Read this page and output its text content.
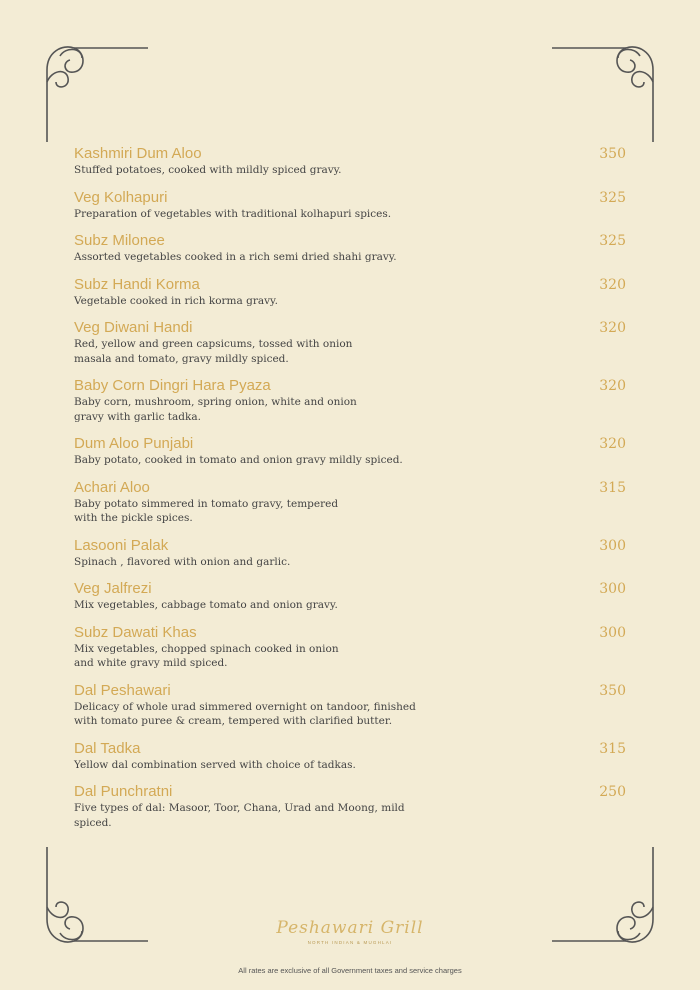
Kashmiri Dum Aloo	350
Stuffed potatoes, cooked with mildly spiced gravy.
Veg Kolhapuri	325
Preparation of vegetables with traditional kolhapuri spices.
Subz Milonee	325
Assorted vegetables cooked in a rich semi dried shahi gravy.
Subz Handi Korma	320
Vegetable cooked in rich korma gravy.
Veg Diwani Handi	320
Red, yellow and green capsicums, tossed with onion masala and tomato, gravy mildly spiced.
Baby Corn Dingri Hara Pyaza	320
Baby corn, mushroom, spring onion, white and onion gravy with garlic tadka.
Dum Aloo Punjabi	320
Baby potato, cooked in tomato and onion gravy mildly spiced.
Achari Aloo	315
Baby potato simmered in tomato gravy, tempered with the pickle spices.
Lasooni Palak	300
Spinach , flavored with onion and garlic.
Veg Jalfrezi	300
Mix vegetables, cabbage tomato and onion gravy.
Subz Dawati Khas	300
Mix vegetables, chopped spinach cooked in onion and white gravy mild spiced.
Dal Peshawari	350
Delicacy of whole urad simmered overnight on tandoor, finished with tomato puree & cream, tempered with clarified butter.
Dal Tadka	315
Yellow dal combination served with choice of tadkas.
Dal Punchratni	250
Five types of dal: Masoor, Toor, Chana, Urad and Moong, mild spiced.
Peshawari Grill
NORTH INDIAN & MUGHLAI
All rates are exclusive of all Government taxes and service charges
